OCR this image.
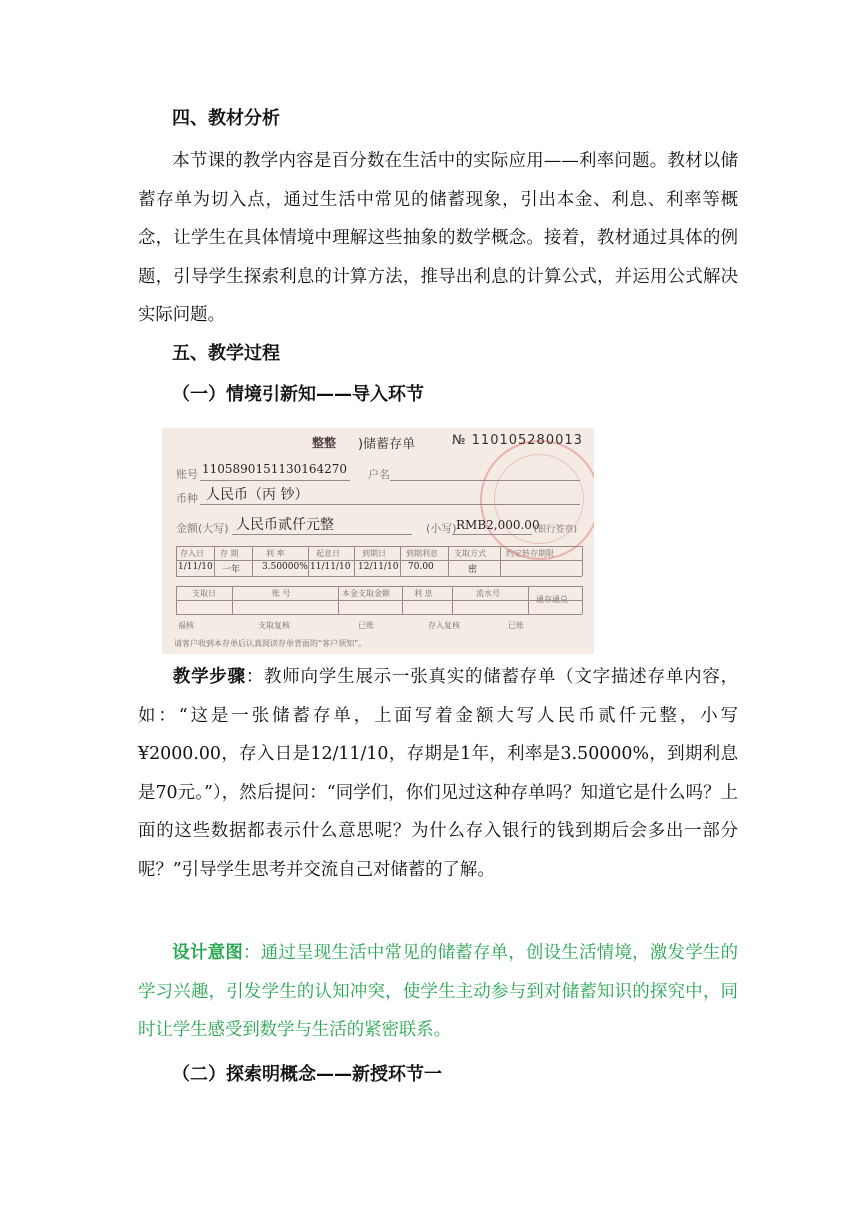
四、教材分析

本节课的教学内容是百分数在生活中的实际应用——利率问题。教材以储蓄存单为切入点，通过生活中常见的储蓄现象，引出本金、利息、利率等概念，让学生在具体情境中理解这些抽象的数学概念。接着，教材通过具体的例题，引导学生探索利息的计算方法，推导出利息的计算公式，并运用公式解决实际问题。

五、教学过程
（一）情境引新知——导入环节
整整 )储蓄存单	№ 110105280013
账号 1105890151130164270 户名
币种 人民币（丙 钞）
金额(大写) 人民币贰仟元整	(小写) RMB2,000.00
(银行签章)
存入日 存 期	利 率	起息日	到期日	到期利息 支取方式	约定转存期限
1/11/10 一年 3.50000% 11/11/10 12/11/10 70.00	密
支取日	账 号	本金支取金额	利 息	流水号
通存通兑
福核	支取复核	已账	存入复核	已账
请客户收到本存单后认真阅读存单背面的“客户须知”。

教学步骤：教师向学生展示一张真实的储蓄存单（文字描述存单内容，如：“这是一张储蓄存单，上面写着金额大写人民币贰仟元整，小写¥2000.00，存入日是12/11/10，存期是1年，利率是3.50000%，到期利息是70元。”），然后提问：“同学们，你们见过这种存单吗？知道它是什么吗？上面的这些数据都表示什么意思呢？为什么存入银行的钱到期后会多出一部分呢？”引导学生思考并交流自己对储蓄的了解。

设计意图：通过呈现生活中常见的储蓄存单，创设生活情境，激发学生的学习兴趣，引发学生的认知冲突，使学生主动参与到对储蓄知识的探究中，同时让学生感受到数学与生活的紧密联系。

（二）探索明概念——新授环节一
